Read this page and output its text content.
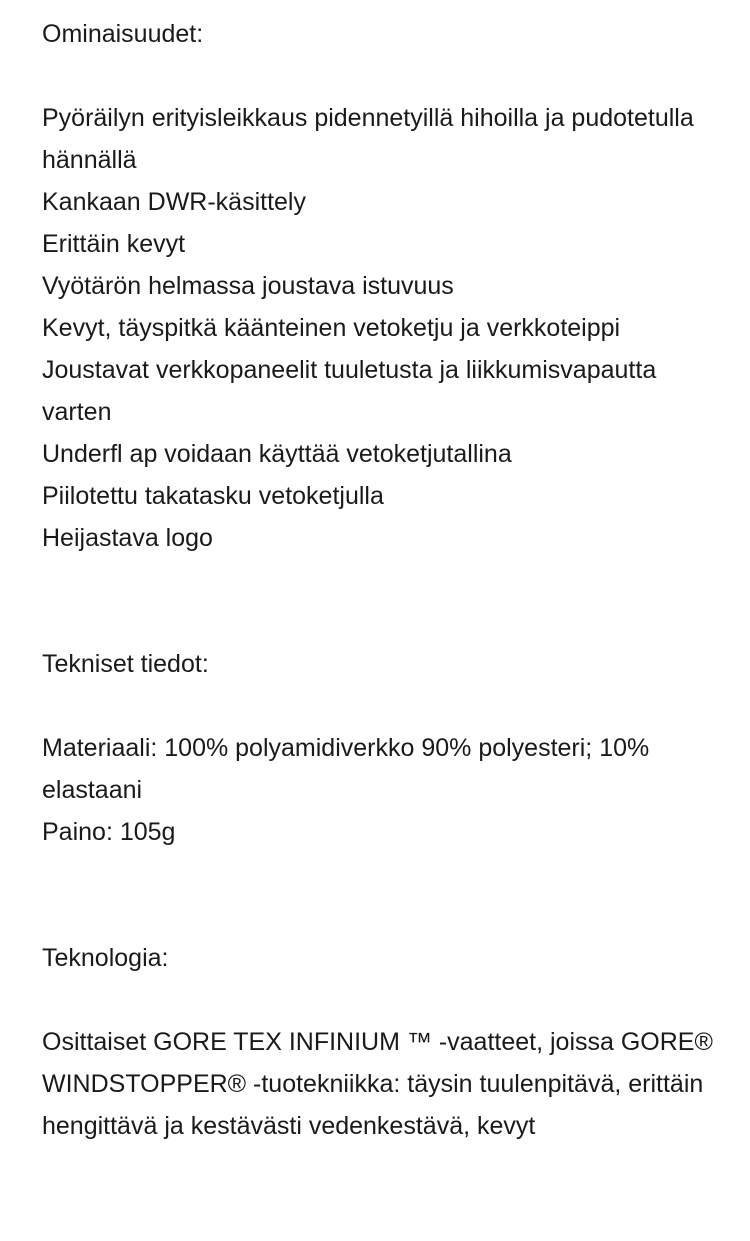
Ominaisuudet:

Pyöräilyn erityisleikkaus pidennetyillä hihoilla ja pudotetulla hännällä
Kankaan DWR-käsittely
Erittäin kevyt
Vyötärön helmassa joustava istuvuus
Kevyt, täyspitkä käänteinen vetoketju ja verkkoteippi
Joustavat verkkopaneelit tuuletusta ja liikkumisvapautta varten
Underfl ap voidaan käyttää vetoketjutallina
Piilotettu takatasku vetoketjulla
Heijastava logo

Tekniset tiedot:

Materiaali: 100% polyamidiverkko 90% polyesteri; 10% elastaani
Paino: 105g

Teknologia:

Osittaiset GORE TEX INFINIUM ™ -vaatteet, joissa GORE® WINDSTOPPER® -tuotekniikka: täysin tuulenpitävä, erittäin hengittävä ja kestävästi vedenkestävä, kevyt
